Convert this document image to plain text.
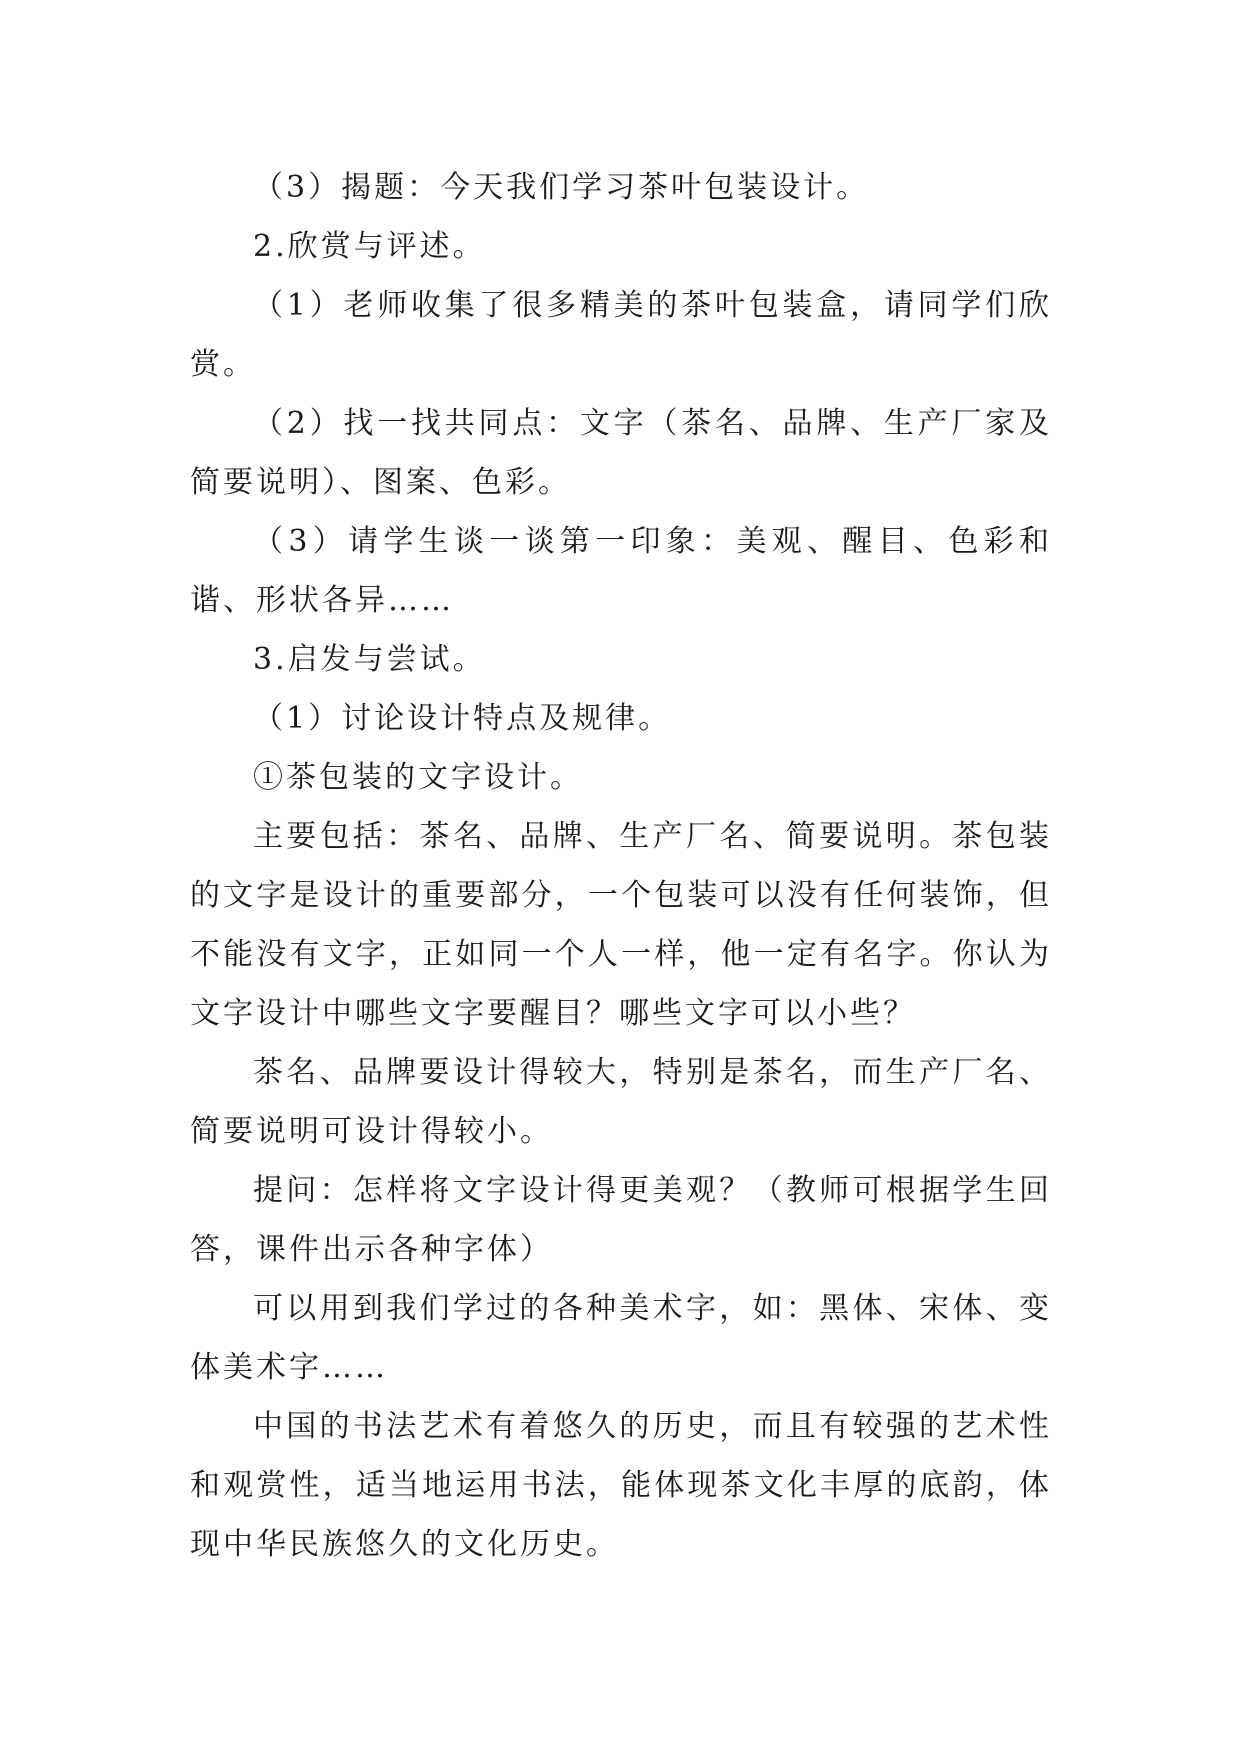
（3）揭题：今天我们学习茶叶包装设计。

2.欣赏与评述。

（1）老师收集了很多精美的茶叶包装盒，请同学们欣赏。

（2）找一找共同点：文字（茶名、品牌、生产厂家及简要说明）、图案、色彩。

（3）请学生谈一谈第一印象：美观、醒目、色彩和谐、形状各异……

3.启发与尝试。

（1）讨论设计特点及规律。

①茶包装的文字设计。

主要包括：茶名、品牌、生产厂名、简要说明。茶包装的文字是设计的重要部分，一个包装可以没有任何装饰，但不能没有文字，正如同一个人一样，他一定有名字。你认为文字设计中哪些文字要醒目？哪些文字可以小些？

茶名、品牌要设计得较大，特别是茶名，而生产厂名、简要说明可设计得较小。

提问：怎样将文字设计得更美观？（教师可根据学生回答，课件出示各种字体）

可以用到我们学过的各种美术字，如：黑体、宋体、变体美术字……

中国的书法艺术有着悠久的历史，而且有较强的艺术性和观赏性，适当地运用书法，能体现茶文化丰厚的底韵，体现中华民族悠久的文化历史。
